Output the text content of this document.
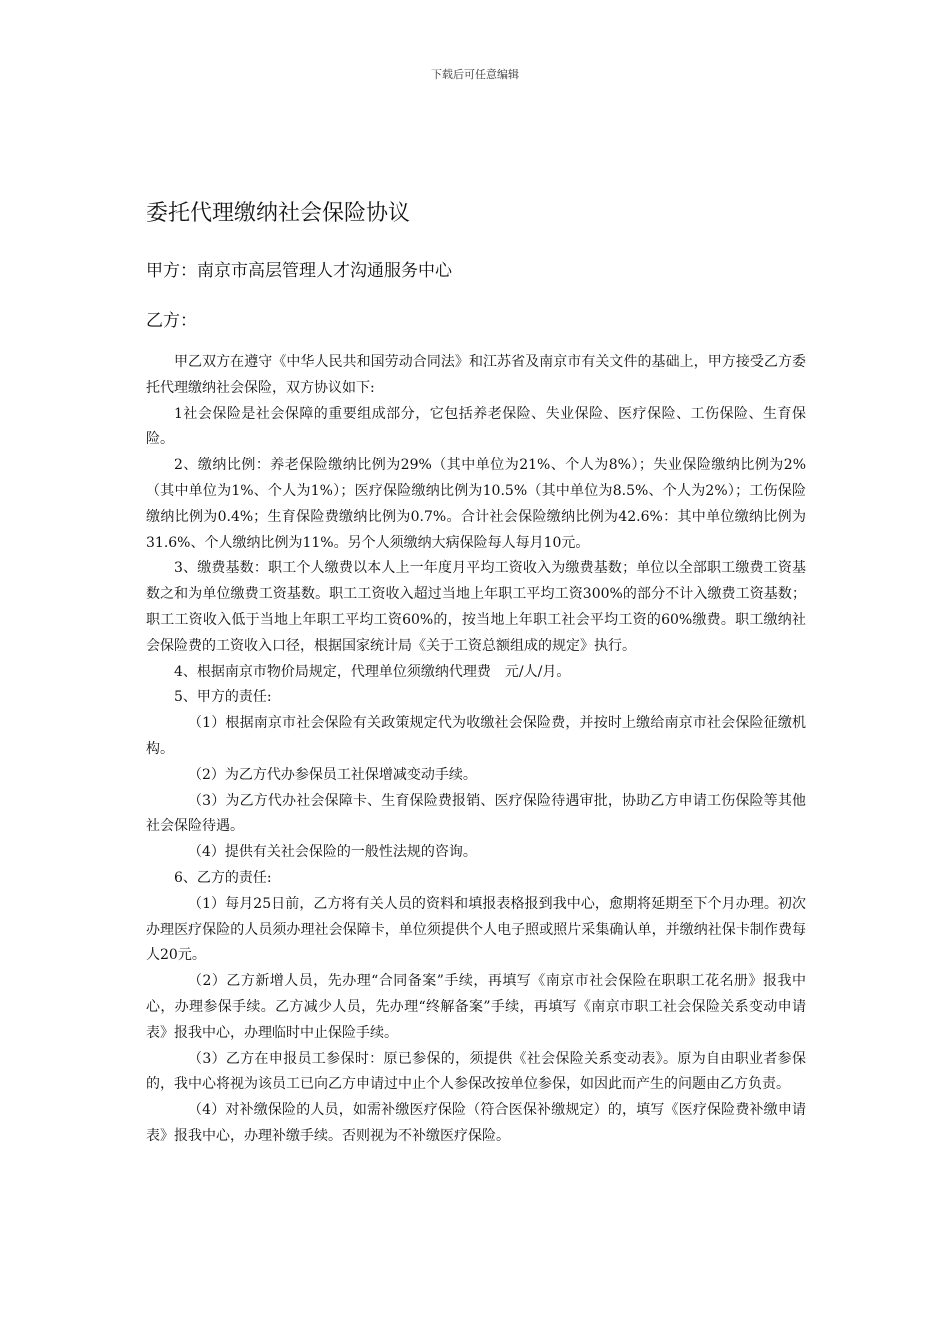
下载后可任意编辑
委托代理缴纳社会保险协议
甲方：南京市高层管理人才沟通服务中心
乙方：

甲乙双方在遵守《中华人民共和国劳动合同法》和江苏省及南京市有关文件的基础上，甲方接受乙方委托代理缴纳社会保险，双方协议如下:

1社会保险是社会保障的重要组成部分，它包括养老保险、失业保险、医疗保险、工伤保险、生育保险。

2、缴纳比例：养老保险缴纳比例为29%（其中单位为21%、个人为8%）；失业保险缴纳比例为2%（其中单位为1%、个人为1%）；医疗保险缴纳比例为10.5%（其中单位为8.5%、个人为2%）；工伤保险缴纳比例为0.4%；生育保险费缴纳比例为0.7%。合计社会保险缴纳比例为42.6%：其中单位缴纳比例为31.6%、个人缴纳比例为11%。另个人须缴纳大病保险每人每月10元。

3、缴费基数：职工个人缴费以本人上一年度月平均工资收入为缴费基数；单位以全部职工缴费工资基数之和为单位缴费工资基数。职工工资收入超过当地上年职工平均工资300%的部分不计入缴费工资基数；职工工资收入低于当地上年职工平均工资60%的，按当地上年职工社会平均工资的60%缴费。职工缴纳社会保险费的工资收入口径，根据国家统计局《关于工资总额组成的规定》执行。

4、根据南京市物价局规定，代理单位须缴纳代理费　元/人/月。

5、甲方的责任:

（1）根据南京市社会保险有关政策规定代为收缴社会保险费，并按时上缴给南京市社会保险征缴机构。

（2）为乙方代办参保员工社保增减变动手续。

（3）为乙方代办社会保障卡、生育保险费报销、医疗保险待遇审批，协助乙方申请工伤保险等其他社会保险待遇。

（4）提供有关社会保险的一般性法规的咨询。

6、乙方的责任:

（1）每月25日前，乙方将有关人员的资料和填报表格报到我中心，愈期将延期至下个月办理。初次办理医疗保险的人员须办理社会保障卡，单位须提供个人电子照或照片采集确认单，并缴纳社保卡制作费每人20元。

（2）乙方新增人员，先办理“合同备案”手续，再填写《南京市社会保险在职职工花名册》报我中心，办理参保手续。乙方减少人员，先办理“终解备案”手续，再填写《南京市职工社会保险关系变动申请表》报我中心，办理临时中止保险手续。

（3）乙方在申报员工参保时：原已参保的，须提供《社会保险关系变动表》。原为自由职业者参保的，我中心将视为该员工已向乙方申请过中止个人参保改按单位参保，如因此而产生的问题由乙方负责。

（4）对补缴保险的人员，如需补缴医疗保险（符合医保补缴规定）的，填写《医疗保险费补缴申请表》报我中心，办理补缴手续。否则视为不补缴医疗保险。
